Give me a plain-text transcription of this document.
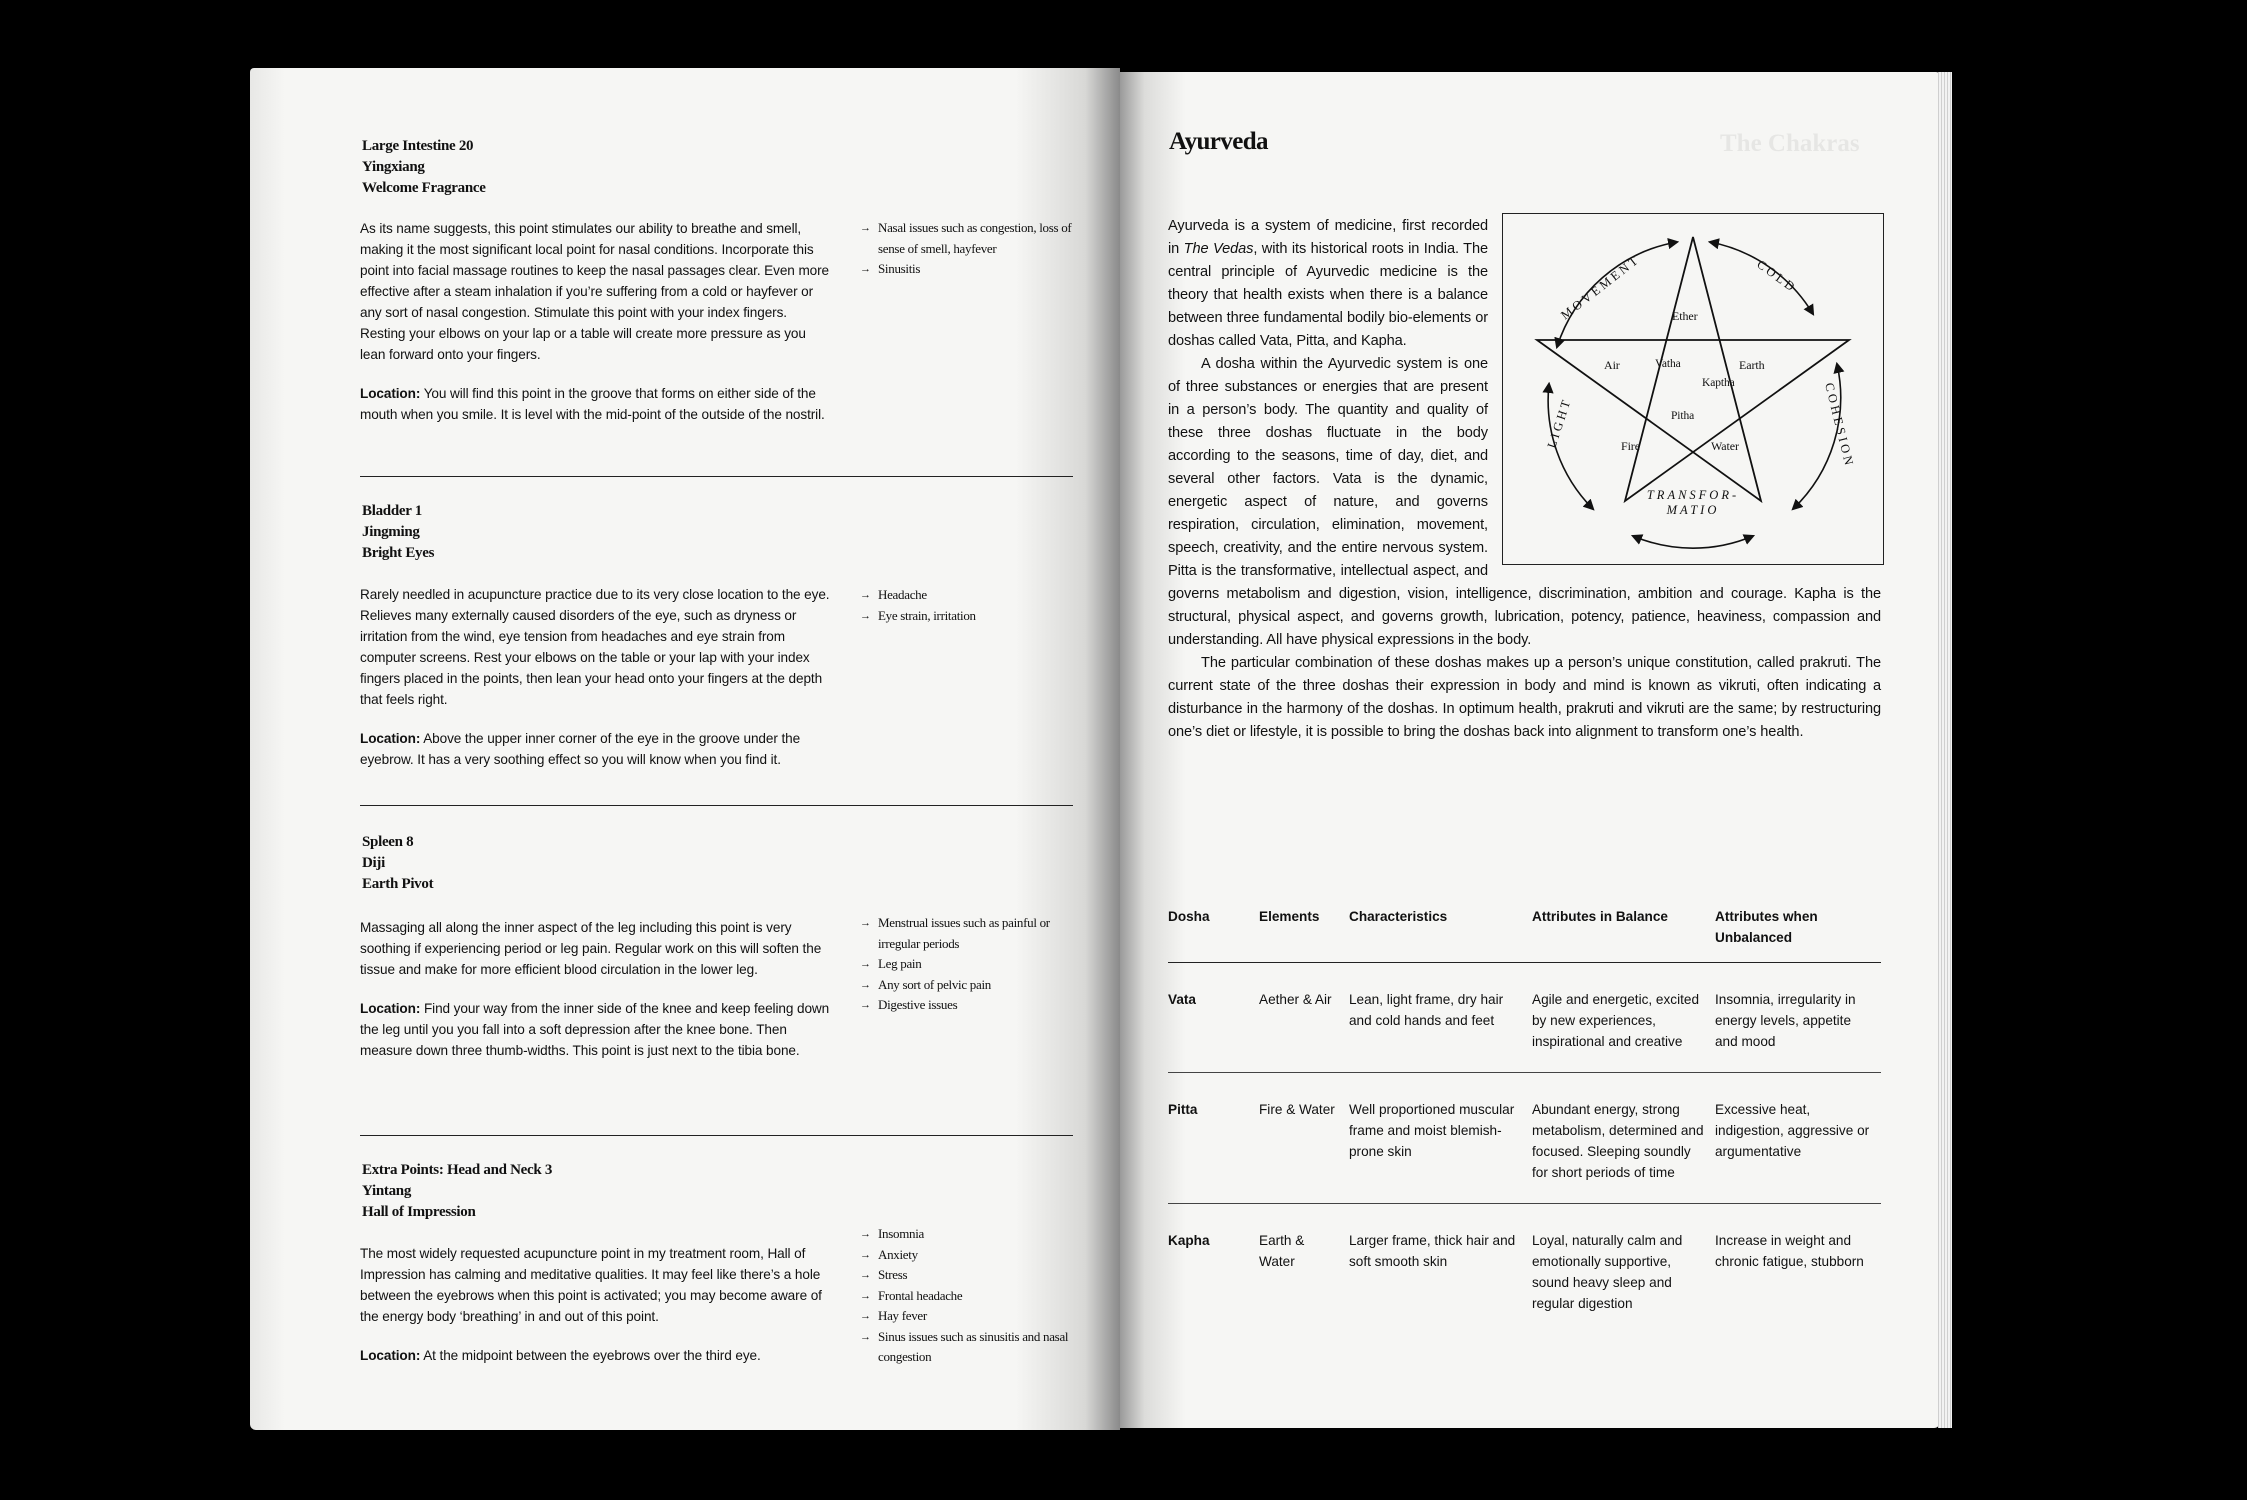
Large Intestine 20
Yingxiang
Welcome Fragrance

As its name suggests, this point stimulates our ability to breathe and smell, making it the most significant local point for nasal conditions. Incorporate this point into facial massage routines to keep the nasal passages clear. Even more effective after a steam inhalation if you’re suffering from a cold or hayfever or any sort of nasal congestion. Stimulate this point with your index fingers. Resting your elbows on your lap or a table will create more pressure as you lean forward onto your fingers.

Location: You will find this point in the groove that forms on either side of the mouth when you smile. It is level with the mid-point of the outside of the nostril.

→ Nasal issues such as congestion, loss of sense of smell, hayfever
→ Sinusitis
Bladder 1
Jingming
Bright Eyes

Rarely needled in acupuncture practice due to its very close location to the eye. Relieves many externally caused disorders of the eye, such as dryness or irritation from the wind, eye tension from headaches and eye strain from computer screens. Rest your elbows on the table or your lap with your index fingers placed in the points, then lean your head onto your fingers at the depth that feels right.

Location: Above the upper inner corner of the eye in the groove under the eyebrow. It has a very soothing effect so you will know when you find it.

→ Headache
→ Eye strain, irritation
Spleen 8
Diji
Earth Pivot

Massaging all along the inner aspect of the leg including this point is very soothing if experiencing period or leg pain. Regular work on this will soften the tissue and make for more efficient blood circulation in the lower leg.

Location: Find your way from the inner side of the knee and keep feeling down the leg until you you fall into a soft depression after the knee bone. Then measure down three thumb-widths. This point is just next to the tibia bone.

→ Menstrual issues such as painful or irregular periods
→ Leg pain
→ Any sort of pelvic pain
→ Digestive issues
Extra Points: Head and Neck 3
Yintang
Hall of Impression

The most widely requested acupuncture point in my treatment room, Hall of Impression has calming and meditative qualities. It may feel like there’s a hole between the eyebrows when this point is activated; you may become aware of the energy body ‘breathing’ in and out of this point.

Location: At the midpoint between the eyebrows over the third eye.

→ Insomnia
→ Anxiety
→ Stress
→ Frontal headache
→ Hay fever
→ Sinus issues such as sinusitis and nasal congestion
The Chakras
Ayurveda
MOVEMENT	COLD
COHESION
LIGHT
TRANSFOR-
MATIO
Ether
Air	Earth
Fire	Water
Vatha
Kaptha
Pitha

Ayurveda is a system of medicine, first recorded in The Vedas, with its historical roots in India. The central principle of Ayurvedic medicine is the theory that health exists when there is a balance between three fundamental bodily bio-elements or doshas called Vata, Pitta, and Kapha.

A dosha within the Ayurvedic system is one of three substances or energies that are present in a person’s body. The quantity and quality of these three doshas fluctuate in the body according to the seasons, time of day, diet, and several other factors. Vata is the dynamic, energetic aspect of nature, and governs respiration, circulation, elimination, movement, speech, creativity, and the entire nervous system. Pitta is the transformative, intellectual aspect, and governs metabolism and digestion, vision, intelligence, discrimination, ambition and courage. Kapha is the structural, physical aspect, and governs growth, lubrication, potency, patience, heaviness, compassion and understanding. All have physical expressions in the body.

The particular combination of these doshas makes up a person’s unique constitution, called prakruti. The current state of the three doshas their expression in body and mind is known as vikruti, often indicating a disturbance in the harmony of the doshas. In optimum health, prakruti and vikruti are the same; by restructuring one’s diet or lifestyle, it is possible to bring the doshas back into alignment to transform one’s health.

Dosha	Elements	Characteristics	Attributes in Balance	Attributes when Unbalanced
Vata	Aether & Air	Lean, light frame, dry hair and cold hands and feet	Agile and energetic, excited by new experiences, inspirational and creative	Insomnia, irregularity in energy levels, appetite and mood
Pitta	Fire & Water	Well proportioned muscular frame and moist blemish-prone skin	Abundant energy, strong metabolism, determined and focused. Sleeping soundly for short periods of time	Excessive heat, indigestion, aggressive or argumentative
Kapha	Earth & Water	Larger frame, thick hair and soft smooth skin	Loyal, naturally calm and emotionally supportive, sound heavy sleep and regular digestion	Increase in weight and chronic fatigue, stubborn
